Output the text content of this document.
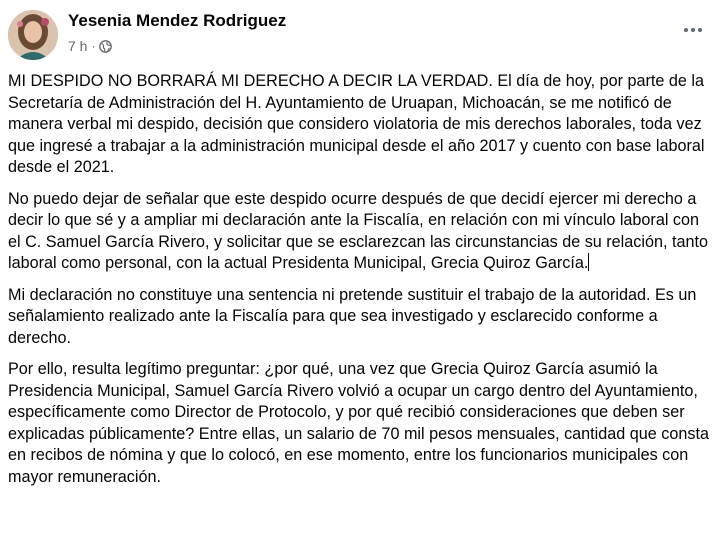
Yesenia Mendez Rodriguez
7 h ·

MI DESPIDO NO BORRARÁ MI DERECHO A DECIR LA VERDAD. El día de hoy, por parte de la Secretaría de Administración del H. Ayuntamiento de Uruapan, Michoacán, se me notificó de manera verbal mi despido, decisión que considero violatoria de mis derechos laborales, toda vez que ingresé a trabajar a la administración municipal desde el año 2017 y cuento con base laboral desde el 2021.

No puedo dejar de señalar que este despido ocurre después de que decidí ejercer mi derecho a decir lo que sé y a ampliar mi declaración ante la Fiscalía, en relación con mi vínculo laboral con el C. Samuel García Rivero, y solicitar que se esclarezcan las circunstancias de su relación, tanto laboral como personal, con la actual Presidenta Municipal, Grecia Quiroz García.

Mi declaración no constituye una sentencia ni pretende sustituir el trabajo de la autoridad. Es un señalamiento realizado ante la Fiscalía para que sea investigado y esclarecido conforme a derecho.

Por ello, resulta legítimo preguntar: ¿por qué, una vez que Grecia Quiroz García asumió la Presidencia Municipal, Samuel García Rivero volvió a ocupar un cargo dentro del Ayuntamiento, específicamente como Director de Protocolo, y por qué recibió consideraciones que deben ser explicadas públicamente? Entre ellas, un salario de 70 mil pesos mensuales, cantidad que consta en recibos de nómina y que lo colocó, en ese momento, entre los funcionarios municipales con mayor remuneración.
